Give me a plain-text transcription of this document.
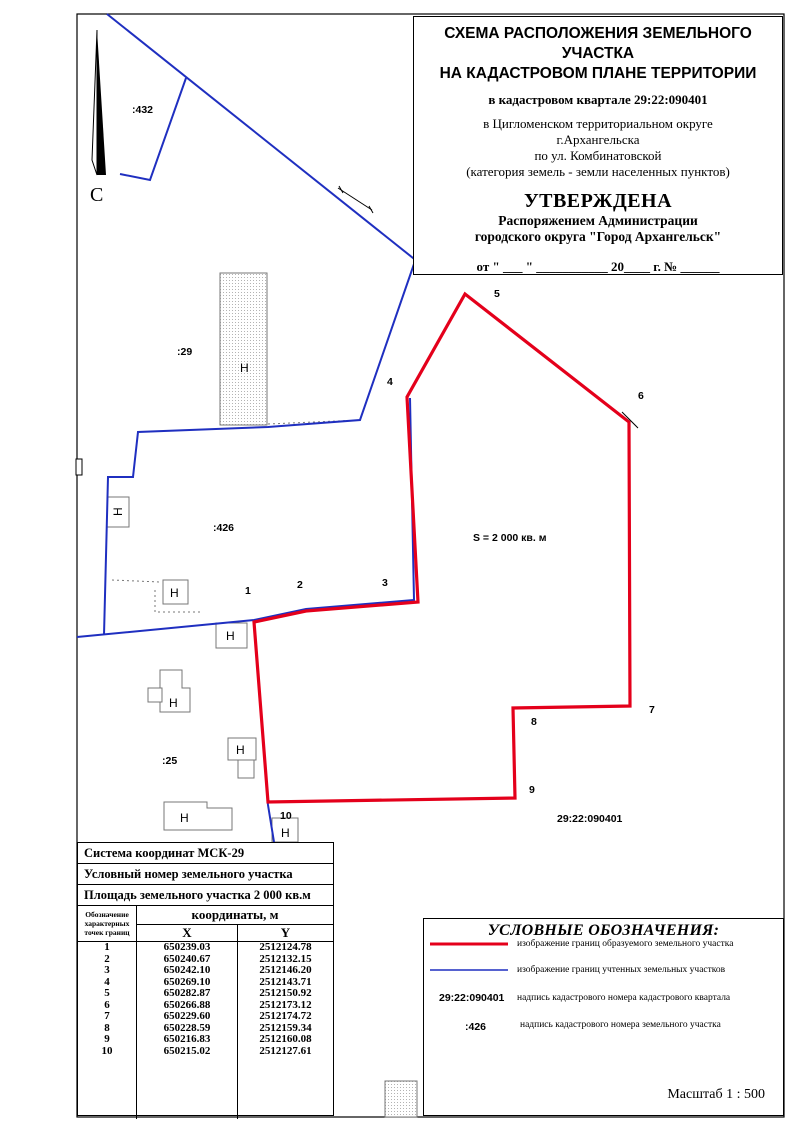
С
:432
:29
:426
:25
Н
Н
Н
Н
Н
Н
Н
Н
1	2	3
4
5
6
7
8
9
10
S = 2 000 кв. м
29:22:090401
СХЕМА РАСПОЛОЖЕНИЯ ЗЕМЕЛЬНОГО УЧАСТКА
НА КАДАСТРОВОМ ПЛАНЕ ТЕРРИТОРИИ
в кадастровом квартале 29:22:090401
в Цигломенском территориальном округе
г.Архангельска
по ул. Комбинатовской
(категория земель - земли населенных пунктов)
УТВЕРЖДЕНА
Распоряжением Администрации
городского округа "Город Архангельск"
от " ___ " ___________ 20____ г. № ______
Система координат МСК-29
Условный номер земельного участка
Площадь земельного участка 2 000 кв.м
Обозначение характерных точек границ	координаты, м	
	X	Y
1	650239.03	2512124.78
2	650240.67	2512132.15
3	650242.10	2512146.20
4	650269.10	2512143.71
5	650282.87	2512150.92
6	650266.88	2512173.12
7	650229.60	2512174.72
8	650228.59	2512159.34
9	650216.83	2512160.08
10	650215.02	2512127.61

УСЛОВНЫЕ ОБОЗНАЧЕНИЯ:
изображение границ образуемого земельного участка
изображение границ учтенных земельных участков
29:22:090401 надпись кадастрового номера кадастрового квартала
:426	надпись кадастрового номера земельного участка
Масштаб 1 : 500
